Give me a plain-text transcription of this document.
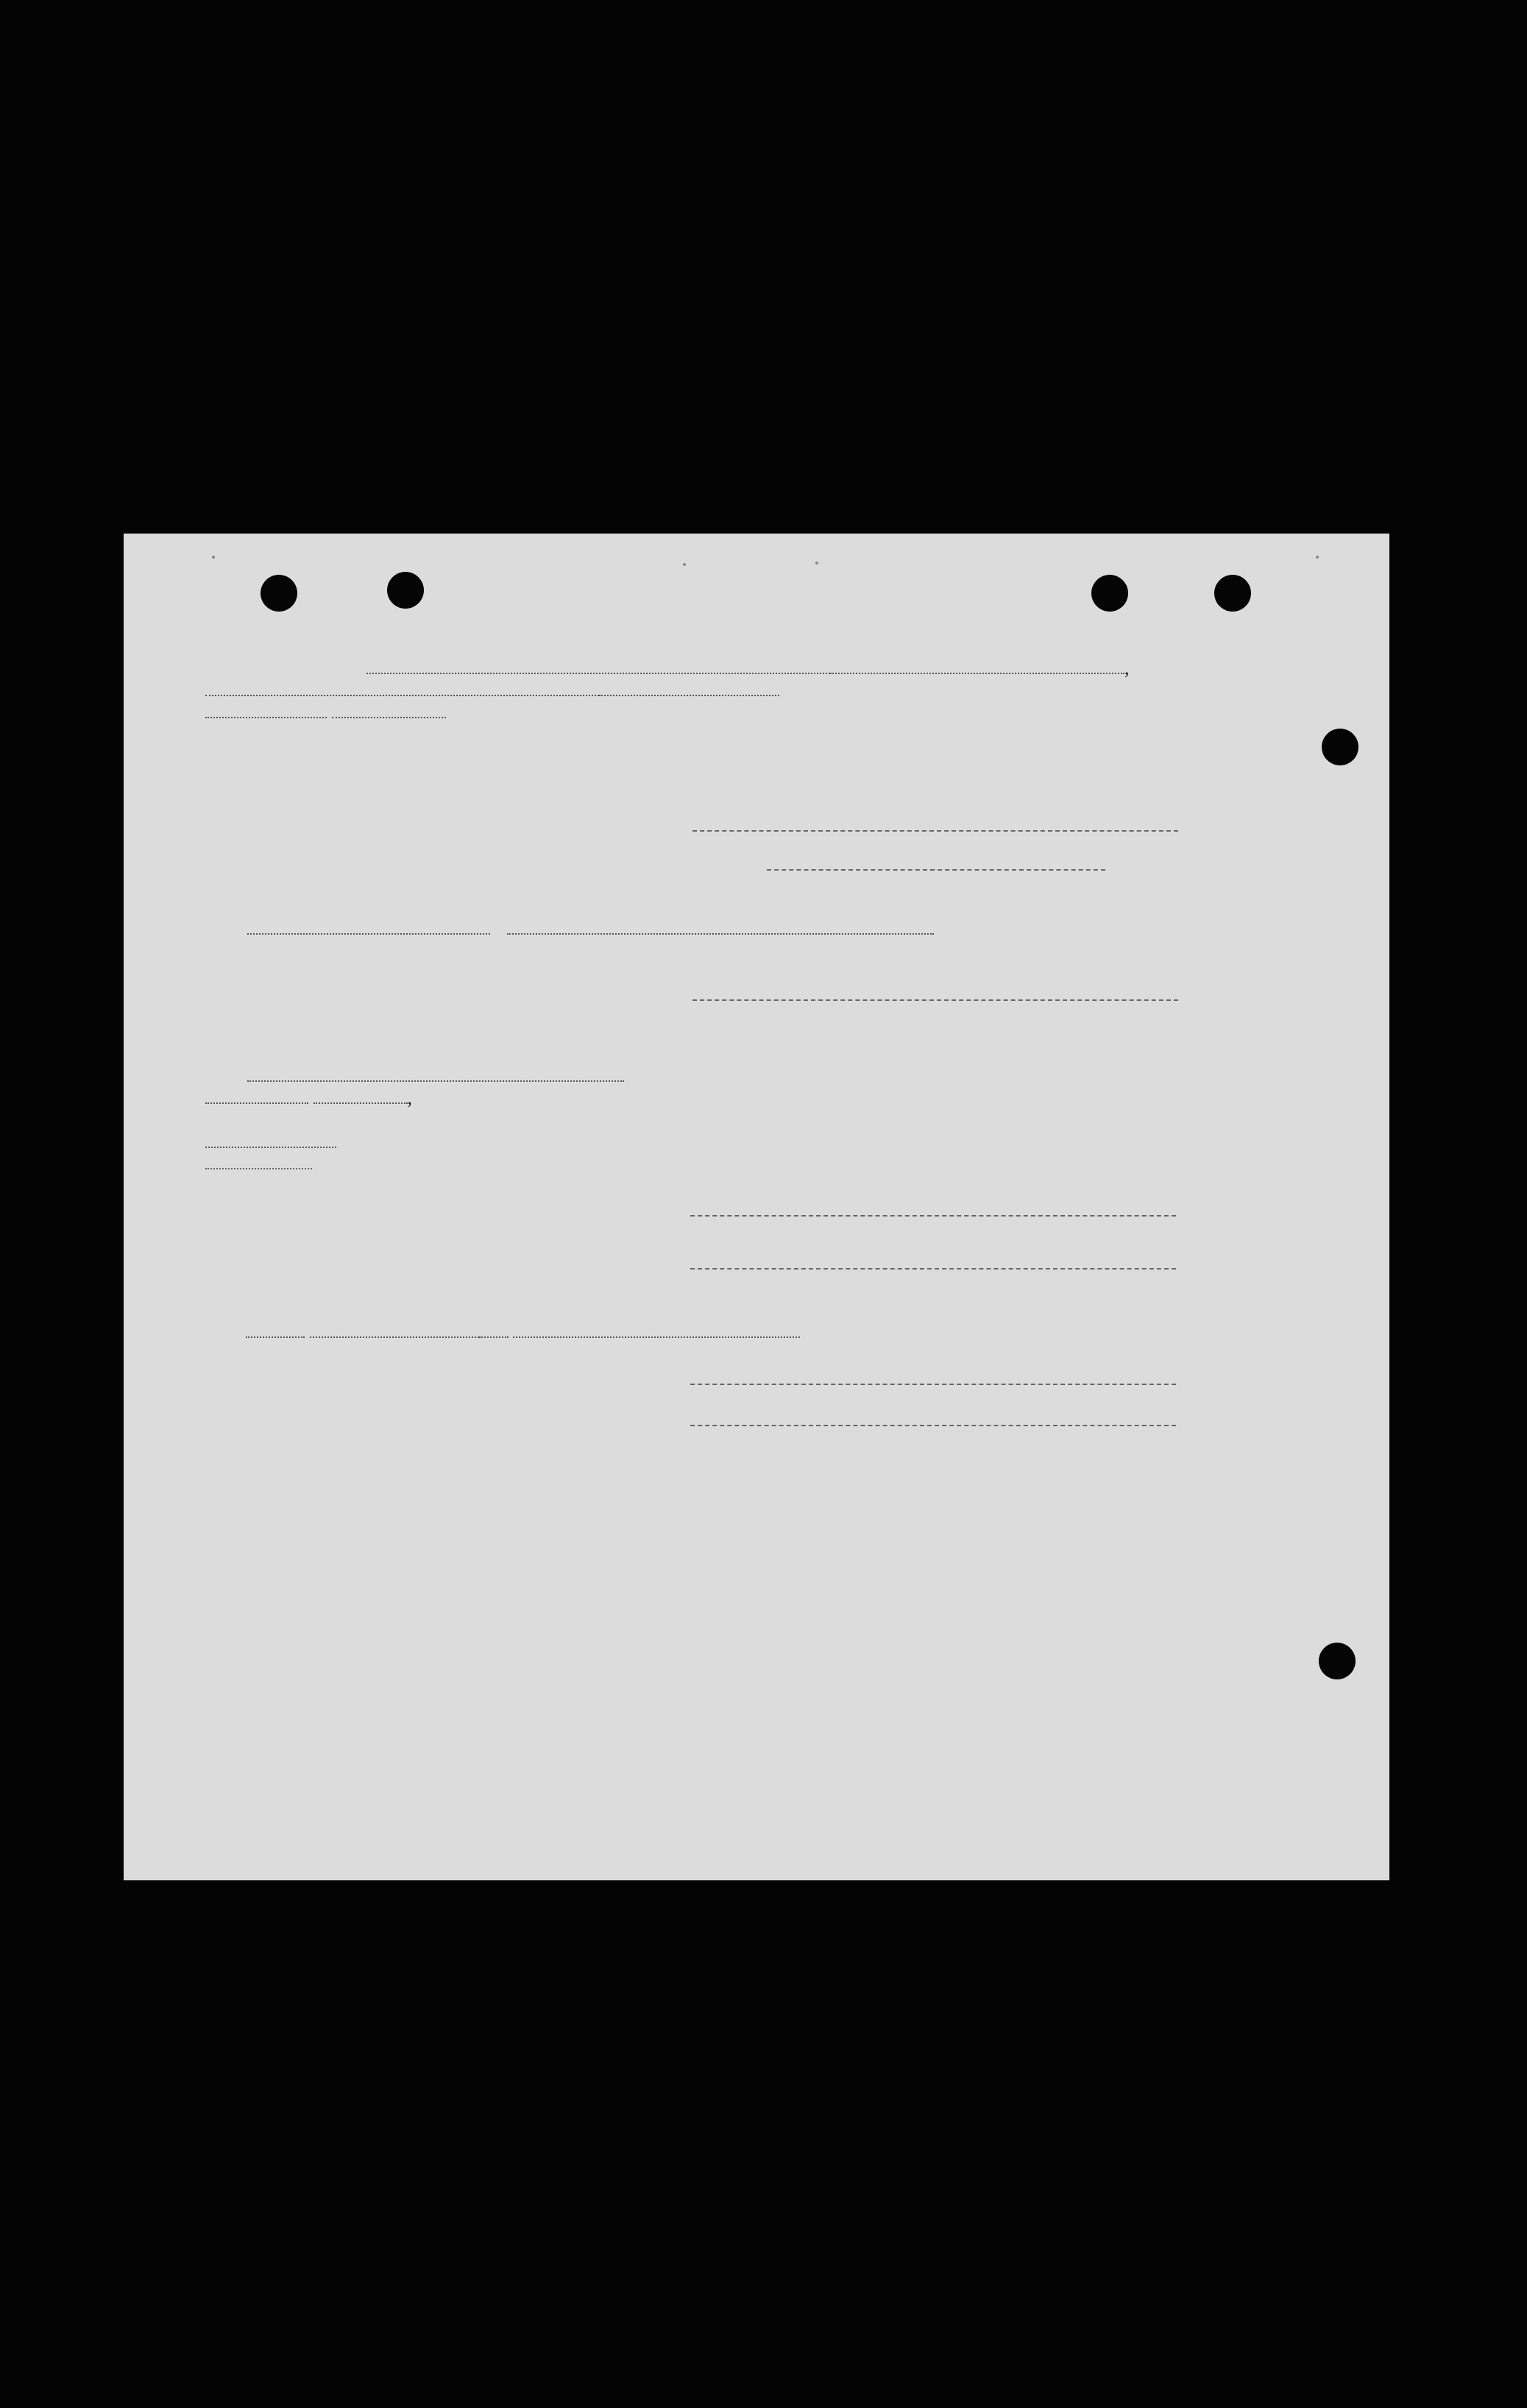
,

,
